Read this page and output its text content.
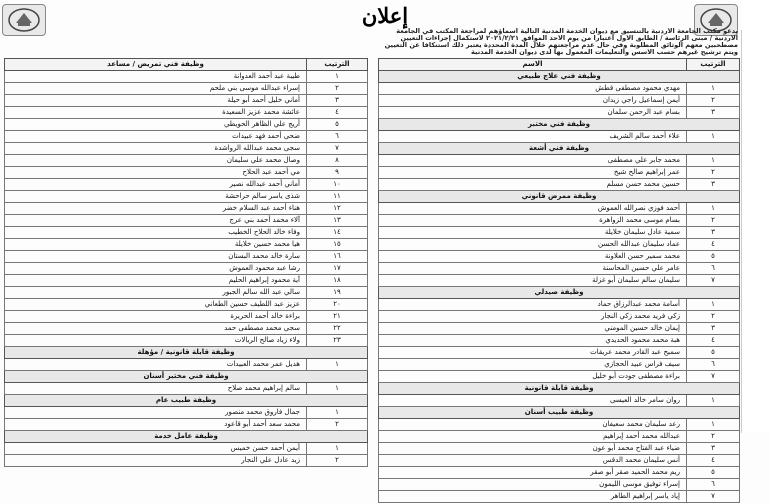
إعلان
يدعو مكتب الجامعة الأردنية بالتنسيق مع ديوان الخدمة المدنية التالية أسماؤهم لمراجعة المكتب في الجامعة
الأردنية / مبنى الرئاسة / الطابق الأول اعتباراً من يوم الأحد الموافق ٢٠٢١/٢/٢١ لاستكمال إجراءات التعيين
مصطحبين معهم الوثائق المطلوبة وفي حال عدم مراجعتهم خلال المدة المحددة يعتبر ذلك استنكافاً عن التعيين
ويتم ترشيح غيرهم حسب الأسس والتعليمات المعمول بها لدى ديوان الخدمة المدنية
الترتيب
الاسم
وظيفة فني علاج طبيعي
١
مهدي محمود مصطفى قطش
٢
أيمن إسماعيل راجي زيدان
٣
بسام عبد الرحمن سلمان
وظيفة فني مختبر
١
علاء أحمد سالم الشريف
وظيفة فني أشعة
١
محمد جابر علي مصطفى
٢
عمر إبراهيم صالح شيخ
٣
حسين محمد حسن مسلم
وظيفة ممرض قانوني
١
أحمد فوزي نصرالله العموش
٢
بسام موسى محمد الزواهرة
٣
سمية عادل سليمان خلايلة
٤
عماد سليمان عبدالله الحسن
٥
محمد سمير حسن العلاونة
٦
عامر علي حسين المحاسنة
٧
سليمان سالم سليمان أبو غزلة
وظيفة صيدلي
١
أسامة محمد عبدالرزاق حماد
٢
زكي فريد محمد زكي النجار
٣
إيمان خالد حسين المومني
٤
هبة محمد محمود الحديدي
٥
سميح عبد القادر محمد عريقات
٦
سيف فراس عبيد الحجازي
٧
براءة مصطفى جودت أبو خليل
وظيفة قابلة قانونية
١
روان سامر خالد العيسى
وظيفة طبيب أسنان
١
رعد سليمان محمد سعيفان
٢
عبدالله محمد أحمد إبراهيم
٣
ضياء عبد الفتاح محمد أبو عون
٤
أنس سليمان محمد الدقس
٥
ريم محمد الحميد صقر أبو صقر
٦
إسراء توفيق موسى الليمون
٧
إياد ياسر إبراهيم الطاهر
الترتيب
وظيفة فني تمريض / مساعد
١
طيبة عبد أحمد العدوانة
٢
إسراء عبدالله موسى بني ملحم
٣
أماني خليل أحمد أبو حيلة
٤
عائشة محمد عزيز السعيدة
٥
أريج علي الظاهر الحويطي
٦
ضحى أحمد فهد عبيدات
٧
سجى محمد عبدالله الرواشدة
٨
وصال محمد علي سليمان
٩
مي أحمد عبد الحلاح
١٠
أماني أحمد عبدالله نصير
١١
شذى ياسر سالم حراحشة
١٢
هناء أحمد عبد السلام خضر
١٣
آلاء محمد أحمد بني عرج
١٤
وفاء خالد الحلاح الخطيب
١٥
هيا محمد حسين خلايلة
١٦
سارة خالد محمد البستان
١٧
رشا عبد محمود العموش
١٨
آية محمود إبراهيم الحليم
١٩
سالي عبد الله سالم الجبور
٢٠
عزيز عبد اللطيف حسين الطعاني
٢١
براءة خالد أحمد الحريرة
٢٢
سجى محمد مصطفى حمد
٢٣
ولاء زياد صالح الريالات
وظيفة قابلة قانونية / مؤهلة
١
هديل عمر محمد العبيدات
وظيفة فني مختبر أسنان
١
سالم إبراهيم محمد صلاح
وظيفة طبيب عام
١
جمال فاروق محمد منصور
٢
محمد سعد أحمد أبو قاعود
وظيفة عامل خدمة
١
أيمن أحمد حسن خميس
٢
زيد عادل علي النجار
